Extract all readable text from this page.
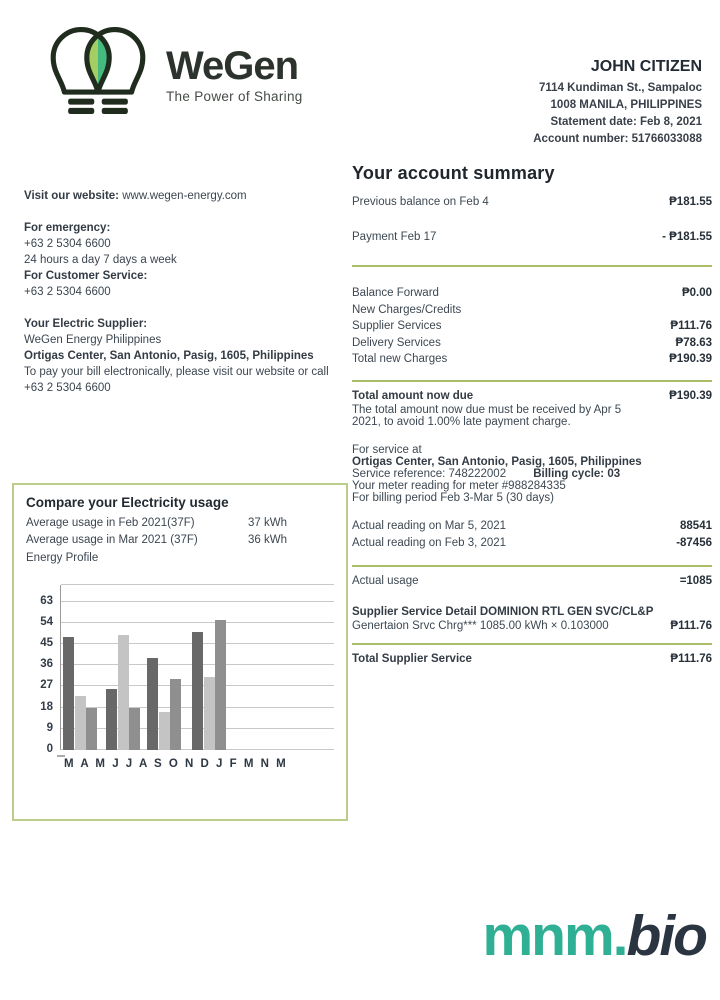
WeGen
The Power of Sharing
JOHN CITIZEN
7114 Kundiman St., Sampaloc
1008 MANILA, PHILIPPINES
Statement date: Feb 8, 2021
Account number: 51766033088
Visit our website: www.wegen-energy.com
For emergency:
+63 2 5304 6600
24 hours a day 7 days a week
For Customer Service:
+63 2 5304 6600
Your Electric Supplier:
WeGen Energy Philippines
Ortigas Center, San Antonio, Pasig, 1605, Philippines
To pay your bill electronically, please visit our website or call
+63 2 5304 6600
Your account summary
Previous balance on Feb 4	₱181.55
Payment Feb 17	- ₱181.55
Balance Forward	₱0.00
New Charges/Credits
Supplier Services	₱111.76
Delivery Services	₱78.63
Total new Charges	₱190.39
Total amount now due	₱190.39
The total amount now due must be received by Apr 5
2021, to avoid 1.00% late payment charge.
For service at
Ortigas Center, San Antonio, Pasig, 1605, Philippines
Service reference: 748222002 Billing cycle: 03
Your meter reading for meter #988284335
For billing period Feb 3-Mar 5 (30 days)
Actual reading on Mar 5, 2021	88541
Actual reading on Feb 3, 2021	-87456
Actual usage	=1085
Supplier Service Detail DOMINION RTL GEN SVC/CL&P
Genertaion Srvc Chrg*** 1085.00 kWh × 0.103000	₱111.76
Total Supplier Service	₱111.76
Compare your Electricity usage
Average usage in Feb 2021(37F)	37 kWh
Average usage in Mar 2021 (37F)	36 kWh
Energy Profile
0
9
18
27
36
45
54
63
M A M J J A S O N D J F M N M
mnm.bio
